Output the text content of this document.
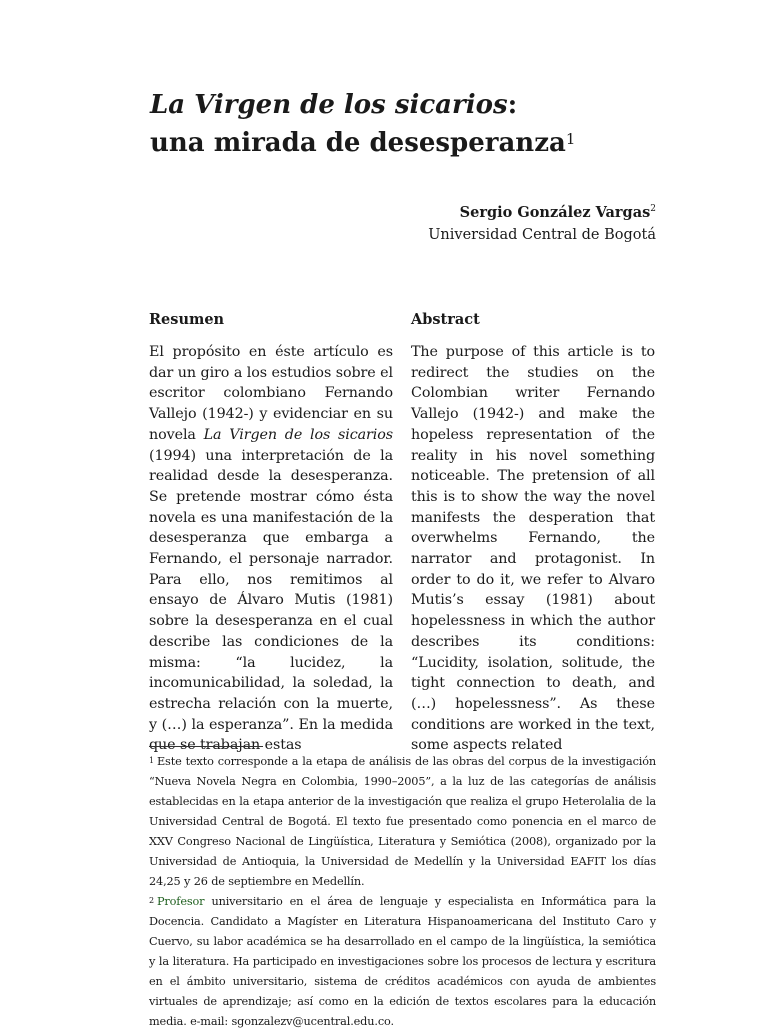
La Virgen de los sicarios:
una mirada de desesperanza$^1$
Sergio González Vargas$^2$
Universidad Central de Bogotá
Resumen

El propósito en éste artículo es dar un giro a los estudios sobre el escritor colombiano Fernando Vallejo (1942-) y evidenciar en su novela La Virgen de los sicarios (1994) una interpretación de la realidad desde la desesperanza. Se pretende mostrar cómo ésta novela es una manifestación de la desesperanza que embarga a Fernando, el personaje narrador. Para ello, nos remitimos al ensayo de Álvaro Mutis (1981) sobre la desesperanza en el cual describe las condiciones de la misma: “la lucidez, la incomunicabilidad, la soledad, la estrecha relación con la muerte, y (…) la esperanza”. En la medida que se trabajan estas

Abstract

The purpose of this article is to redirect the studies on the Colombian writer Fernando Vallejo (1942-) and make the hopeless representation of the reality in his novel something noticeable. The pretension of all this is to show the way the novel manifests the desperation that overwhelms Fernando, the narrator and protagonist. In order to do it, we refer to Alvaro Mutis’s essay (1981) about hopelessness in which the author describes its conditions: “Lucidity, isolation, solitude, the tight connection to death, and (…) hopelessness”. As these conditions are worked in the text, some aspects related

$^1$ Este texto corresponde a la etapa de análisis de las obras del corpus de la investigación “Nueva Novela Negra en Colombia, 1990–2005”, a la luz de las categorías de análisis establecidas en la etapa anterior de la investigación que realiza el grupo Heterolalia de la Universidad Central de Bogotá. El texto fue presentado como ponencia en el marco de XXV Congreso Nacional de Lingüística, Literatura y Semiótica (2008), organizado por la Universidad de Antioquia, la Universidad de Medellín y la Universidad EAFIT los días 24,25 y 26 de septiembre en Medellín.

$^2$ Profesor universitario en el área de lenguaje y especialista en Informática para la Docencia. Candidato a Magíster en Literatura Hispanoamericana del Instituto Caro y Cuervo, su labor académica se ha desarrollado en el campo de la lingüística, la semiótica y la literatura. Ha participado en investigaciones sobre los procesos de lectura y escritura en el ámbito universitario, sistema de créditos académicos con ayuda de ambientes virtuales de aprendizaje; así como en la edición de textos escolares para la educación media. e-mail: sgonzalezv@ucentral.edu.co.
